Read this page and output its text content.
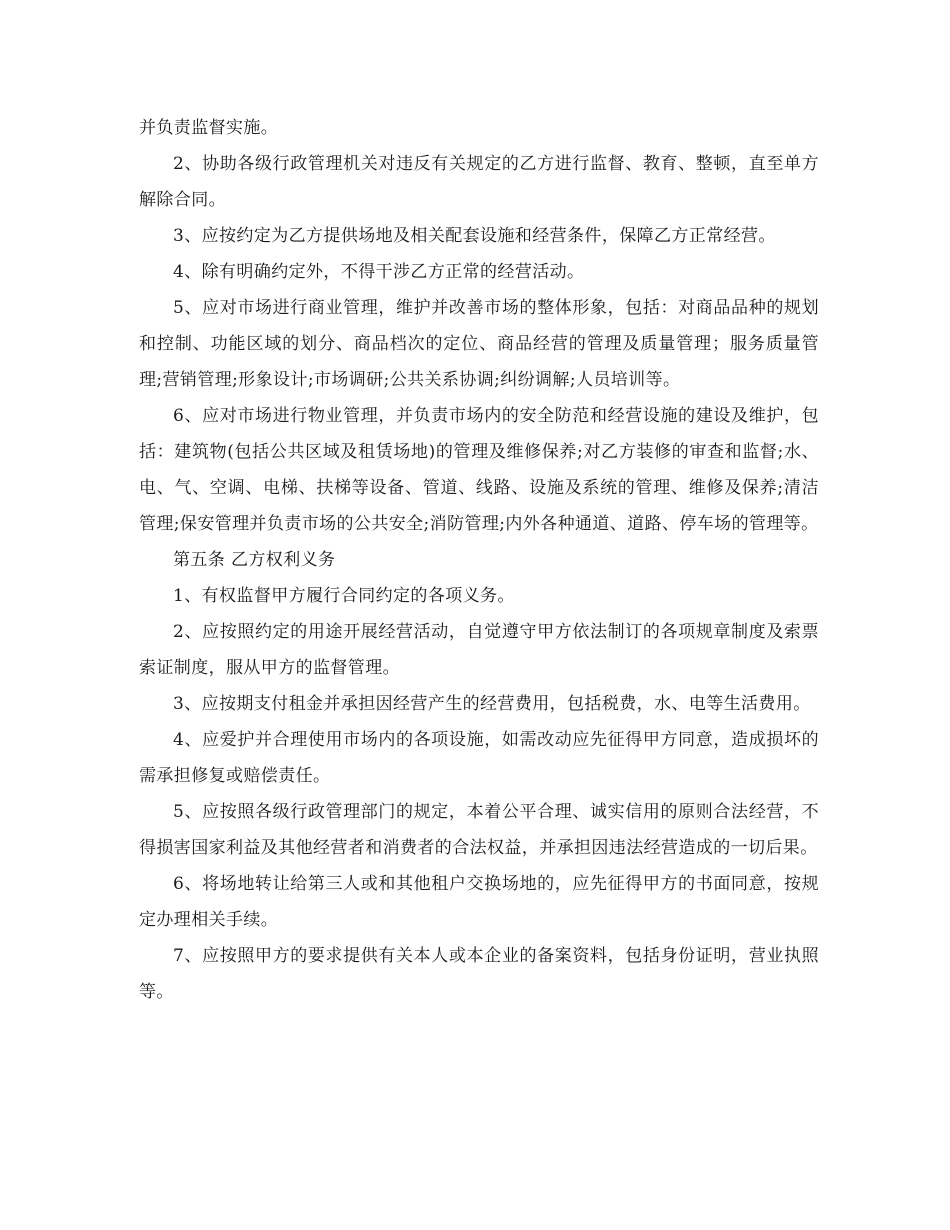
并负责监督实施。

2、协助各级行政管理机关对违反有关规定的乙方进行监督、教育、整顿，直至单方解除合同。

3、应按约定为乙方提供场地及相关配套设施和经营条件，保障乙方正常经营。

4、除有明确约定外，不得干涉乙方正常的经营活动。

5、应对市场进行商业管理，维护并改善市场的整体形象，包括：对商品品种的规划和控制、功能区域的划分、商品档次的定位、商品经营的管理及质量管理；服务质量管理;营销管理;形象设计;市场调研;公共关系协调;纠纷调解;人员培训等。

6、应对市场进行物业管理，并负责市场内的安全防范和经营设施的建设及维护，包括：建筑物(包括公共区域及租赁场地)的管理及维修保养;对乙方装修的审查和监督;水、电、气、空调、电梯、扶梯等设备、管道、线路、设施及系统的管理、维修及保养;清洁管理;保安管理并负责市场的公共安全;消防管理;内外各种通道、道路、停车场的管理等。

第五条 乙方权利义务

1、有权监督甲方履行合同约定的各项义务。

2、应按照约定的用途开展经营活动，自觉遵守甲方依法制订的各项规章制度及索票索证制度，服从甲方的监督管理。

3、应按期支付租金并承担因经营产生的经营费用，包括税费，水、电等生活费用。

4、应爱护并合理使用市场内的各项设施，如需改动应先征得甲方同意，造成损坏的需承担修复或赔偿责任。

5、应按照各级行政管理部门的规定，本着公平合理、诚实信用的原则合法经营，不得损害国家利益及其他经营者和消费者的合法权益，并承担因违法经营造成的一切后果。

6、将场地转让给第三人或和其他租户交换场地的，应先征得甲方的书面同意，按规定办理相关手续。

7、应按照甲方的要求提供有关本人或本企业的备案资料，包括身份证明，营业执照等。
